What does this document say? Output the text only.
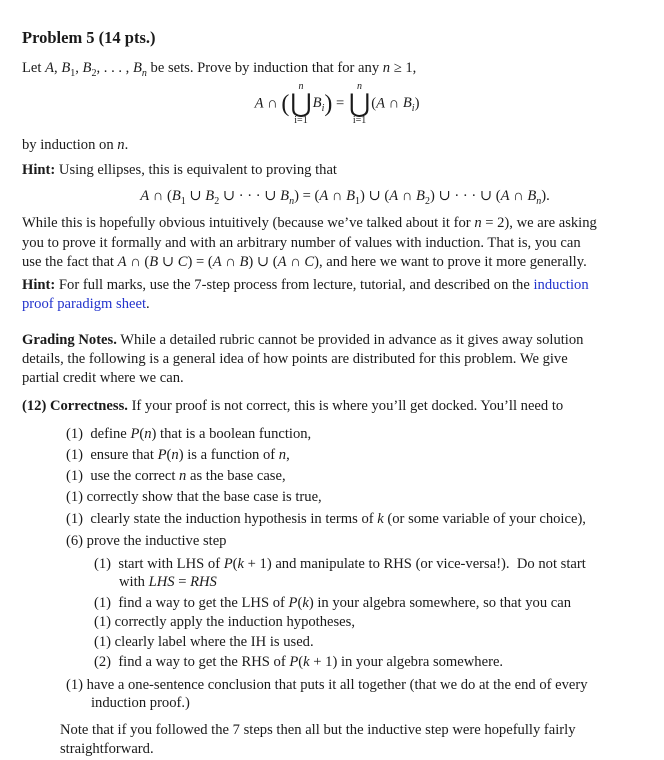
Problem 5 (14 pts.)
Let A, $B_1$, $B_2$, . . . , $B_n$ be sets. Prove by induction that for any n ≥ 1,
A ∩ (
n
⋃
i=1
$B_i$) =
n
⋃
i=1
(A ∩ $B_i$)
by induction on n.
Hint: Using ellipses, this is equivalent to proving that
A ∩ ($B_1$ ∪ $B_2$ ∪ · · · ∪ $B_n) = (A$ ∩ $B_1$) ∪ (A ∩ $B_2$) ∪ · · · ∪ (A ∩ $B_n$).
While this is hopefully obvious intuitively (because we’ve talked about it for n = 2), we are asking
you to prove it formally and with an arbitrary number of values with induction. That is, you can
use the fact that A ∩ (B ∪ C) = (A ∩ B) ∪ (A ∩ C), and here we want to prove it more generally.
Hint: For full marks, use the 7-step process from lecture, tutorial, and described on the induction
proof paradigm sheet.
Grading Notes. While a detailed rubric cannot be provided in advance as it gives away solution
details, the following is a general idea of how points are distributed for this problem. We give
partial credit where we can.
(12) Correctness. If your proof is not correct, this is where you’ll get docked. You’ll need to
(1)  define P(n) that is a boolean function,
(1)  ensure that P(n) is a function of n,
(1)  use the correct n as the base case,
(1) correctly show that the base case is true,
(1)  clearly state the induction hypothesis in terms of k (or some variable of your choice),
(6) prove the inductive step
(1)  start with LHS of P(k + 1) and manipulate to RHS (or vice-versa!).  Do not start
with LHS = RHS
(1)  find a way to get the LHS of P(k) in your algebra somewhere, so that you can
(1) correctly apply the induction hypotheses,
(1) clearly label where the IH is used.
(2)  find a way to get the RHS of P(k + 1) in your algebra somewhere.
(1) have a one-sentence conclusion that puts it all together (that we do at the end of every
induction proof.)
Note that if you followed the 7 steps then all but the inductive step were hopefully fairly
straightforward.
